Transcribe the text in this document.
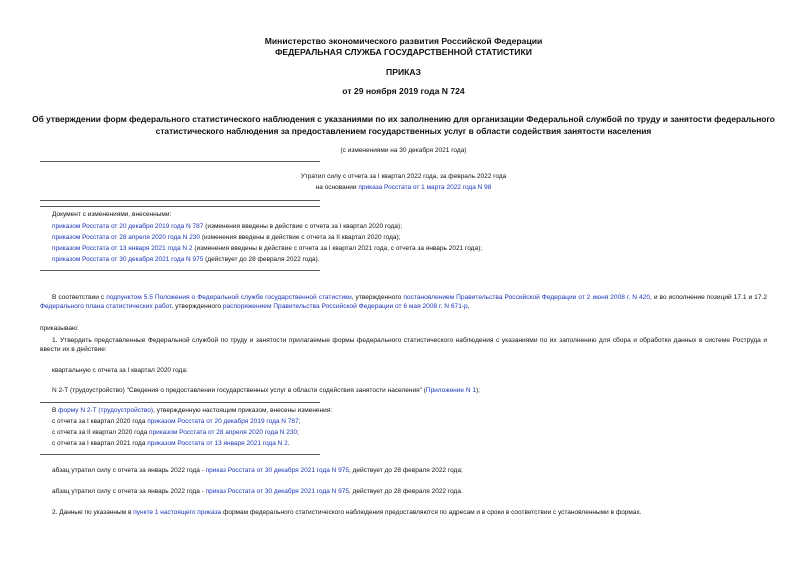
Министерство экономического развития Российской Федерации
ФЕДЕРАЛЬНАЯ СЛУЖБА ГОСУДАРСТВЕННОЙ СТАТИСТИКИ
ПРИКАЗ
от 29 ноября 2019 года N 724
Об утверждении форм федерального статистического наблюдения с указаниями по их заполнению для организации Федеральной службой по труду и занятости федерального статистического наблюдения за предоставлением государственных услуг в области содействия занятости населения
(с изменениями на 30 декабря 2021 года)
Утратил силу с отчета за I квартал 2022 года, за февраль 2022 года
на основании приказа Росстата от 1 марта 2022 года N 98
Документ с изменениями, внесенными:
приказом Росстата от 20 декабря 2019 года N 787 (изменения введены в действие с отчета за I квартал 2020 года);
приказом Росстата от 28 апреля 2020 года N 230 (изменения введены в действие с отчета за II квартал 2020 года);
приказом Росстата от 13 января 2021 года N 2 (изменения введены в действие с отчета за I квартал 2021 года, с отчета за январь 2021 года);
приказом Росстата от 30 декабря 2021 года N 975 (действует до 28 февраля 2022 года).
В соответствии с подпунктом 5.5 Положения о Федеральной службе государственной статистики, утвержденного постановлением Правительства Российской Федерации от 2 июня 2008 г. N 420, и во исполнение позиций 17.1 и 17.2 Федерального плана статистических работ, утвержденного распоряжением Правительства Российской Федерации от 6 мая 2008 г. N 671-р,
приказываю:
1. Утвердить представленные Федеральной службой по труду и занятости прилагаемые формы федерального статистического наблюдения с указаниями по их заполнению для сбора и обработки данных в системе Роструда и ввести их в действие:
квартальную с отчета за I квартал 2020 года:
N 2-Т (трудоустройство) "Сведения о предоставлении государственных услуг в области содействия занятости населения" (Приложение N 1);
В форму N 2-Т (трудоустройство), утвержденную настоящим приказом, внесены изменения:
с отчета за I квартал 2020 года приказом Росстата от 20 декабря 2019 года N 787;
с отчета за II квартал 2020 года приказом Росстата от 28 апреля 2020 года N 230;
с отчета за I квартал 2021 года приказом Росстата от 13 января 2021 года N 2.
абзац утратил силу с отчета за январь 2022 года - приказ Росстата от 30 декабря 2021 года N 975, действует до 28 февраля 2022 года;
абзац утратил силу с отчета за январь 2022 года - приказ Росстата от 30 декабря 2021 года N 975, действует до 28 февраля 2022 года.
2. Данные по указанным в пункте 1 настоящего приказа формам федерального статистического наблюдения предоставляются по адресам и в сроки в соответствии с установленными в формах.
